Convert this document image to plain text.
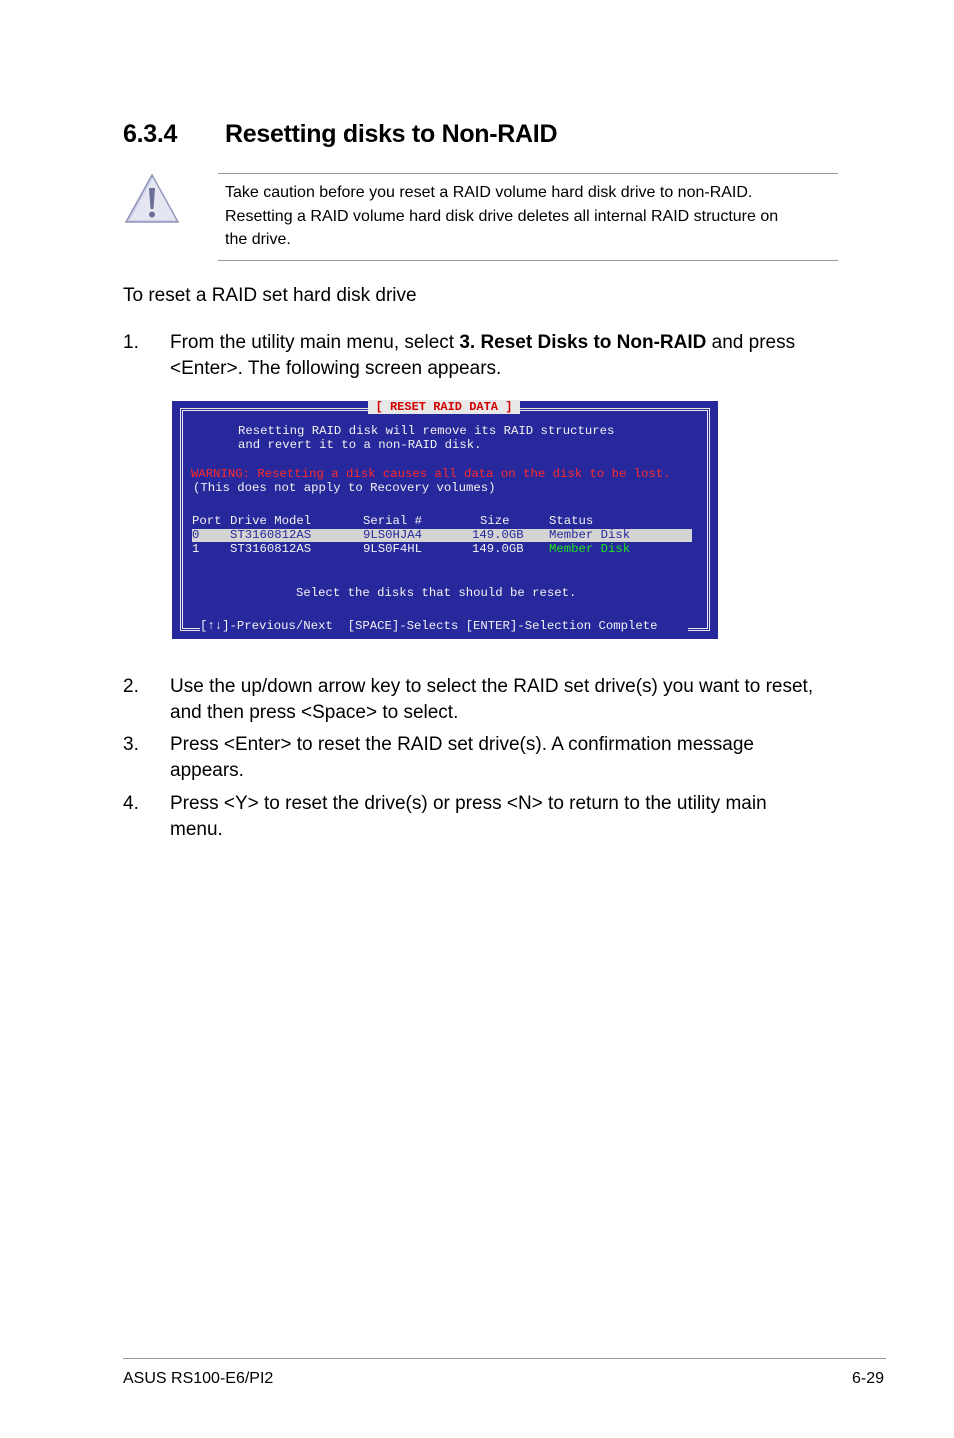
6.3.4 Resetting disks to Non-RAID
Take caution before you reset a RAID volume hard disk drive to non-RAID.
Resetting a RAID volume hard disk drive deletes all internal RAID structure on
the drive.
To reset a RAID set hard disk drive
1.	From the utility main menu, select 3. Reset Disks to Non-RAID and press
<Enter>. The following screen appears.
[ RESET RAID DATA ]
Resetting RAID disk will remove its RAID structures
and revert it to a non-RAID disk.
WARNING: Resetting a disk causes all data on the disk to be lost.
(This does not apply to Recovery volumes)
Port Drive Model	Serial #	Size	Status
0 ST3160812AS	9LS0HJA4	149.0GB Member Disk
1 ST3160812AS	9LS0F4HL	149.0GB Member Disk
Select the disks that should be reset.
[↑↓]-Previous/Next  [SPACE]-Selects [ENTER]-Selection Complete
2.	Use the up/down arrow key to select the RAID set drive(s) you want to reset,
and then press <Space> to select.
3.	Press <Enter> to reset the RAID set drive(s). A confirmation message
appears.
4.	Press <Y> to reset the drive(s) or press <N> to return to the utility main
menu.
ASUS RS100-E6/PI2	6-29
